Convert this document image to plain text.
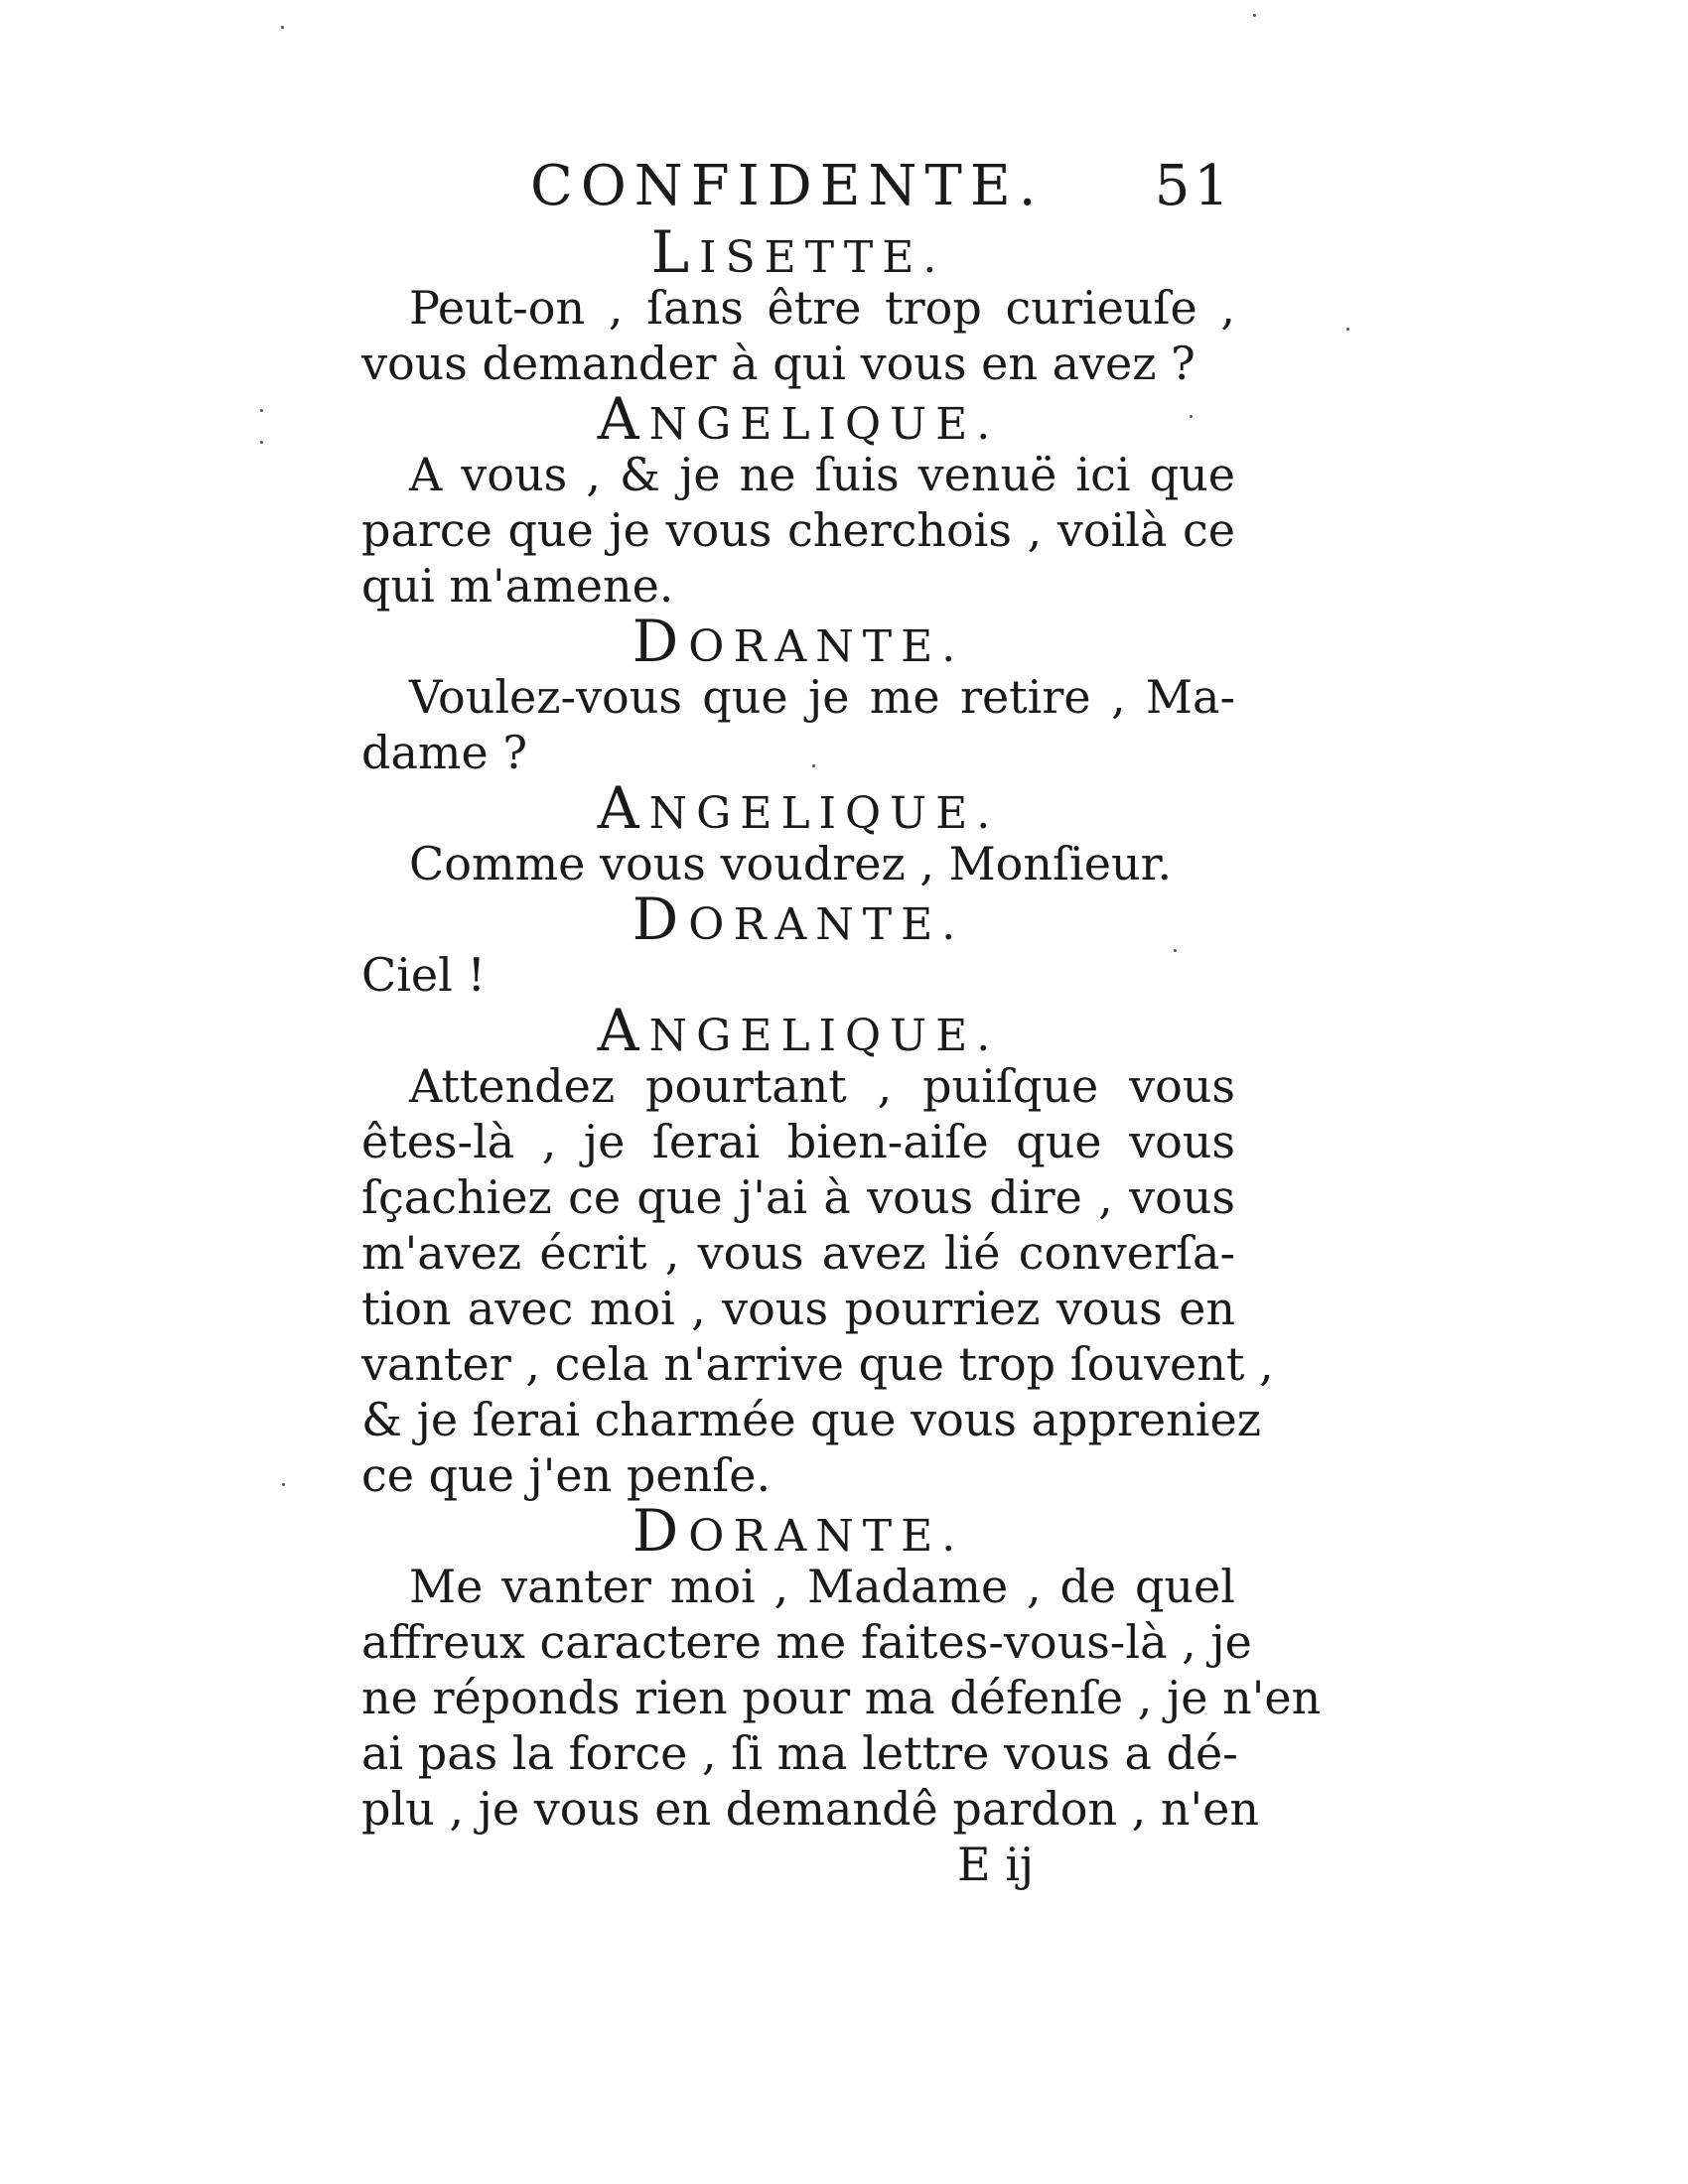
CONFIDENTE. 51
LISETTE.
Peut-on , ſans être trop curieuſe ,
vous demander à qui vous en avez ?
ANGELIQUE.
A vous , & je ne ſuis venuë ici que
parce que je vous cherchois , voilà ce
qui m'amene.
DORANTE.
Voulez-vous que je me retire , Ma-
dame ?
ANGELIQUE.
Comme vous voudrez , Monſieur.
DORANTE.
Ciel !
ANGELIQUE.
Attendez pourtant , puiſque vous
êtes-là , je ſerai bien-aiſe que vous
ſçachiez ce que j'ai à vous dire , vous
m'avez écrit , vous avez lié converſa-
tion avec moi , vous pourriez vous en
vanter , cela n'arrive que trop ſouvent ,
& je ſerai charmée que vous appreniez
ce que j'en penſe.
DORANTE.
Me vanter moi , Madame , de quel
affreux caractere me faites-vous-là , je
ne réponds rien pour ma défenſe , je n'en
ai pas la force , ſi ma lettre vous a dé-
plu , je vous en demandê pardon , n'en
E ij
